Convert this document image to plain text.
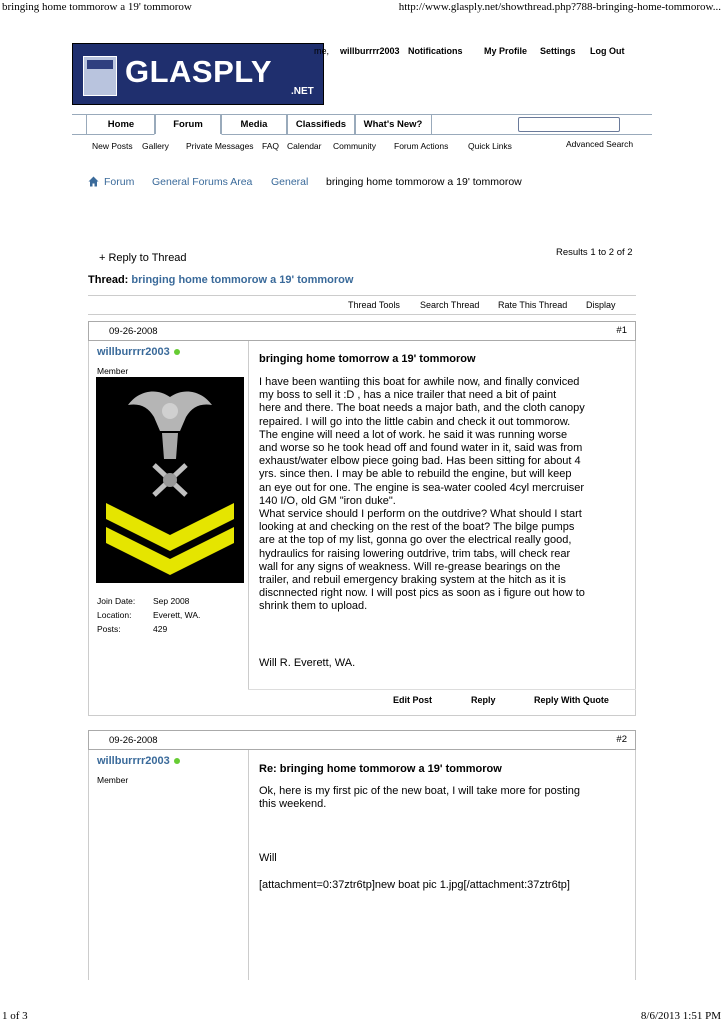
bringing home tommorow a 19' tommorow	http://www.glasply.net/showthread.php?788-bringing-home-tommorow...
1 of 3	8/6/2013 1:51 PM
GLASPLY
.NET
me, willburrrr2003 Notifications My Profile Settings Log Out
Home	Forum	Media	Classifieds	What's New?
New Posts Gallery Private Messages FAQ Calendar Community Forum Actions Quick Links	Advanced Search
Forum General Forums Area General bringing home tommorow a 19' tommorow
+ Reply to Thread	Results 1 to 2 of 2
Thread: bringing home tommorow a 19' tommorow
Thread Tools Search Thread Rate This Thread Display
09-26-2008	#1
willburrrr2003
Member
Join Date: Sep 2008
Location:	Everett, WA.
Posts:	429
bringing home tomorrow a 19' tommorow
I have been wantiing this boat for awhile now, and finally conviced
my boss to sell it :D , has a nice trailer that need a bit of paint
here and there. The boat needs a major bath, and the cloth canopy
repaired. I will go into the little cabin and check it out tommorow.
The engine will need a lot of work. he said it was running worse
and worse so he took head off and found water in it, said was from
exhaust/water elbow piece going bad. Has been sitting for about 4
yrs. since then. I may be able to rebuild the engine, but will keep
an eye out for one. The engine is sea-water cooled 4cyl mercruiser
140 I/O, old GM "iron duke".
What service should I perform on the outdrive? What should I start
looking at and checking on the rest of the boat? The bilge pumps
are at the top of my list, gonna go over the electrical really good,
hydraulics for raising lowering outdrive, trim tabs, will check rear
wall for any signs of weakness. Will re-grease bearings on the
trailer, and rebuil emergency braking system at the hitch as it is
discnnected right now. I will post pics as soon as i figure out how to
shrink them to upload.
Will R. Everett, WA.
Edit Post	Reply	Reply With Quote
09-26-2008	#2
willburrrr2003
Member
Re: bringing home tommorow a 19' tommorow
Ok, here is my first pic of the new boat, I will take more for posting
this weekend.
Will
[attachment=0:37ztr6tp]new boat pic 1.jpg[/attachment:37ztr6tp]
